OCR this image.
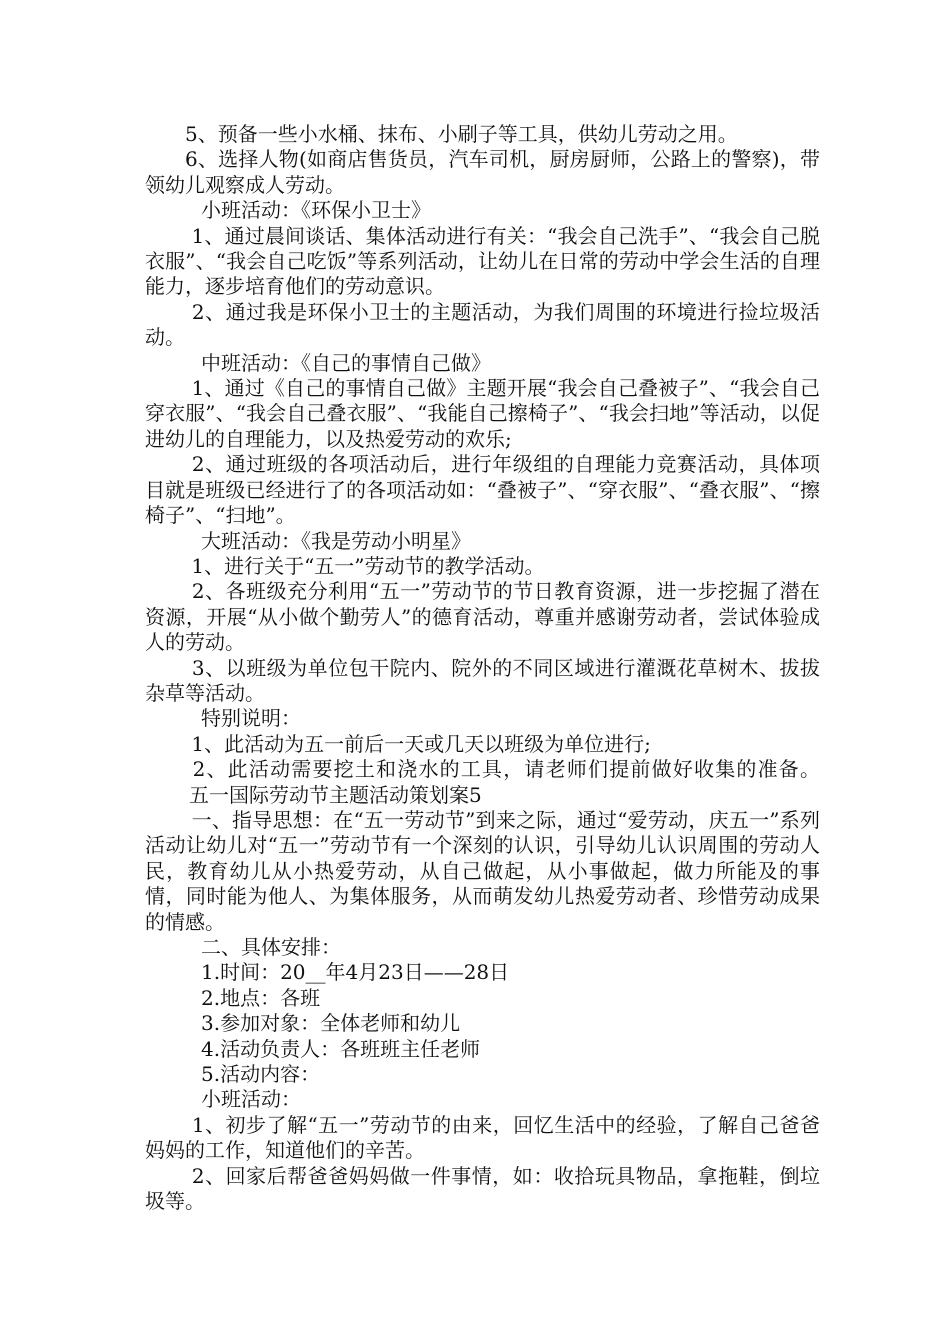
5、预备一些小水桶、抹布、小刷子等工具，供幼儿劳动之用。

6、选择人物(如商店售货员，汽车司机，厨房厨师，公路上的警察)，带领幼儿观察成人劳动。

小班活动：《环保小卫士》

1、通过晨间谈话、集体活动进行有关：“我会自己洗手”、“我会自己脱衣服”、“我会自己吃饭”等系列活动，让幼儿在日常的劳动中学会生活的自理能力，逐步培育他们的劳动意识。

2、通过我是环保小卫士的主题活动，为我们周围的环境进行捡垃圾活动。

中班活动：《自己的事情自己做》

1、通过《自己的事情自己做》主题开展“我会自己叠被子”、“我会自己穿衣服”、“我会自己叠衣服”、“我能自己擦椅子”、“我会扫地”等活动，以促进幼儿的自理能力，以及热爱劳动的欢乐;

2、通过班级的各项活动后，进行年级组的自理能力竞赛活动，具体项目就是班级已经进行了的各项活动如：“叠被子”、“穿衣服”、“叠衣服”、“擦椅子”、“扫地”。

大班活动：《我是劳动小明星》

1、进行关于“五一”劳动节的教学活动。

2、各班级充分利用“五一”劳动节的节日教育资源，进一步挖掘了潜在资源，开展“从小做个勤劳人”的德育活动，尊重并感谢劳动者，尝试体验成人的劳动。

3、以班级为单位包干院内、院外的不同区域进行灌溉花草树木、拔拔杂草等活动。

特别说明：

1、此活动为五一前后一天或几天以班级为单位进行;

2、此活动需要挖土和浇水的工具，请老师们提前做好收集的准备。五一国际劳动节主题活动策划案5

一、指导思想：在“五一劳动节”到来之际，通过“爱劳动，庆五一”系列活动让幼儿对“五一”劳动节有一个深刻的认识，引导幼儿认识周围的劳动人民，教育幼儿从小热爱劳动，从自己做起，从小事做起，做力所能及的事情，同时能为他人、为集体服务，从而萌发幼儿热爱劳动者、珍惜劳动成果的情感。

二、具体安排：

1.时间：20__年4月23日——28日

2.地点：各班

3.参加对象：全体老师和幼儿

4.活动负责人：各班班主任老师

5.活动内容：

小班活动：

1、初步了解“五一”劳动节的由来，回忆生活中的经验，了解自己爸爸妈妈的工作，知道他们的辛苦。

2、回家后帮爸爸妈妈做一件事情，如：收拾玩具物品，拿拖鞋，倒垃圾等。
